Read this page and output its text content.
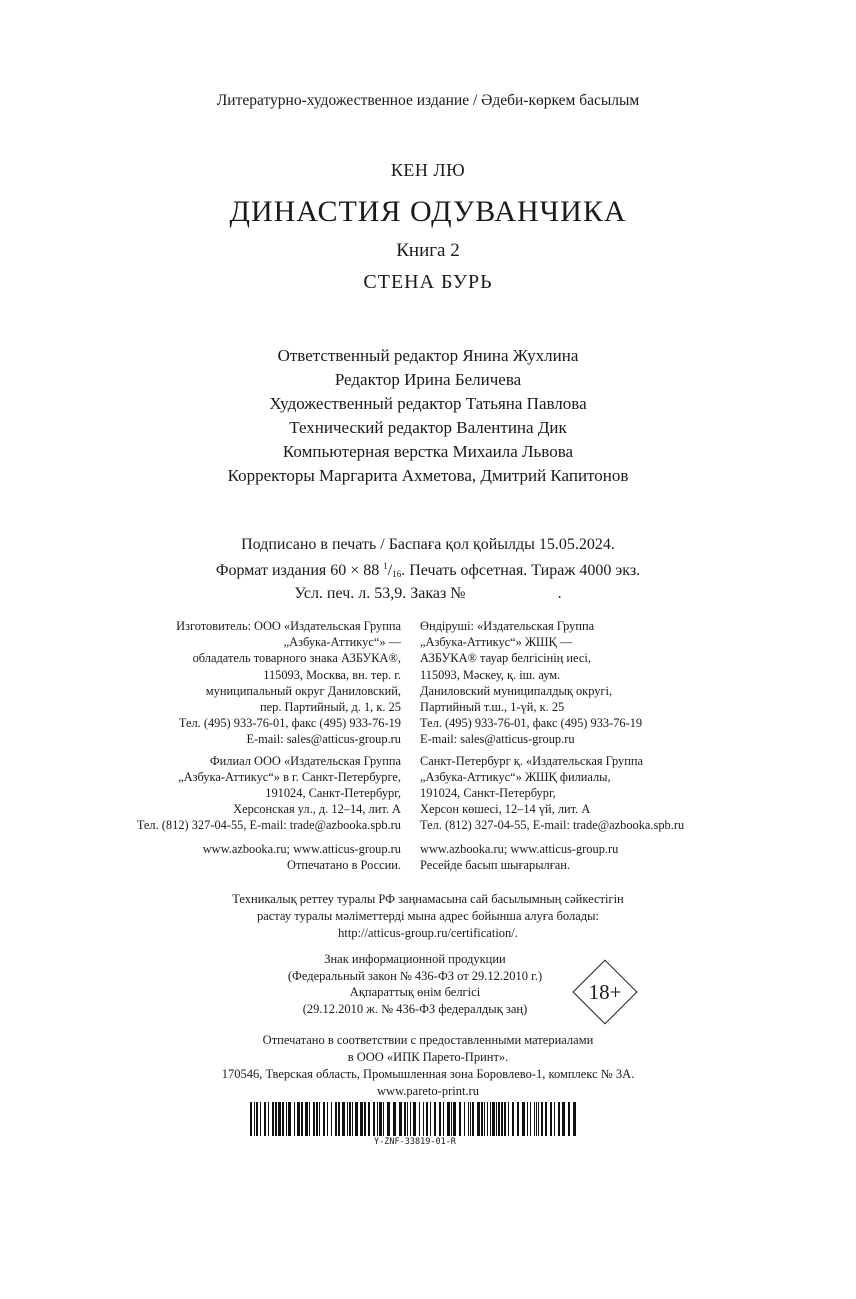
Литературно-художественное издание / Әдеби-көркем басылым
КЕН ЛЮ
ДИНАСТИЯ ОДУВАНЧИКА
Книга 2
СТЕНА БУРЬ
Ответственный редактор Янина Жухлина
Редактор Ирина Беличева
Художественный редактор Татьяна Павлова
Технический редактор Валентина Дик
Компьютерная верстка Михаила Львова
Корректоры Маргарита Ахметова, Дмитрий Капитонов
Подписано в печать / Баспаға қол қойылды 15.05.2024.
Формат издания 60 × 88 $^1/_{16}$. Печать офсетная. Тираж 4000 экз.
Усл. печ. л. 53,9. Заказ №	.
Изготовитель: ООО «Издательская Группа
„Азбука-Аттикус“» —
обладатель товарного знака АЗБУКА®,
115093, Москва, вн. тер. г.
муниципальный округ Даниловский,
пер. Партийный, д. 1, к. 25
Тел. (495) 933-76-01, факс (495) 933-76-19
E-mail: sales@atticus-group.ru
Филиал ООО «Издательская Группа
„Азбука-Аттикус“» в г. Санкт-Петербурге,
191024, Санкт-Петербург,
Херсонская ул., д. 12–14, лит. А
Тел. (812) 327-04-55, E-mail: trade@azbooka.spb.ru
www.azbooka.ru; www.atticus-group.ru
Отпечатано в России.
Өндіруші: «Издательская Группа
„Азбука-Аттикус“» ЖШҚ —
АЗБУКА® тауар белгісінің иесі,
115093, Мәскеу, қ. іш. аум.
Даниловский муниципалдық округі,
Партийный т.ш., 1-үй, к. 25
Тел. (495) 933-76-01, факс (495) 933-76-19
E-mail: sales@atticus-group.ru
Санкт-Петербург қ. «Издательская Группа
„Азбука-Аттикус“» ЖШҚ филиалы,
191024, Санкт-Петербург,
Херсон көшесі, 12–14 үй, лит. А
Тел. (812) 327-04-55, E-mail: trade@azbooka.spb.ru
www.azbooka.ru; www.atticus-group.ru
Ресейде басып шығарылған.
Техникалық реттеу туралы РФ заңнамасына сай басылымның сәйкестігін
растау туралы мәліметтерді мына адрес бойынша алуға болады:
http://atticus-group.ru/certification/.
Знак информационной продукции
(Федеральный закон № 436-ФЗ от 29.12.2010 г.)
Ақпараттық өнім белгісі
(29.12.2010 ж. № 436-ФЗ федералдық заң)
18+
Отпечатано в соответствии с предоставленными материалами
в ООО «ИПК Парето-Принт».
170546, Тверская область, Промышленная зона Боровлево-1, комплекс № 3А.
www.pareto-print.ru
Y-ZNF-33819-01-R
